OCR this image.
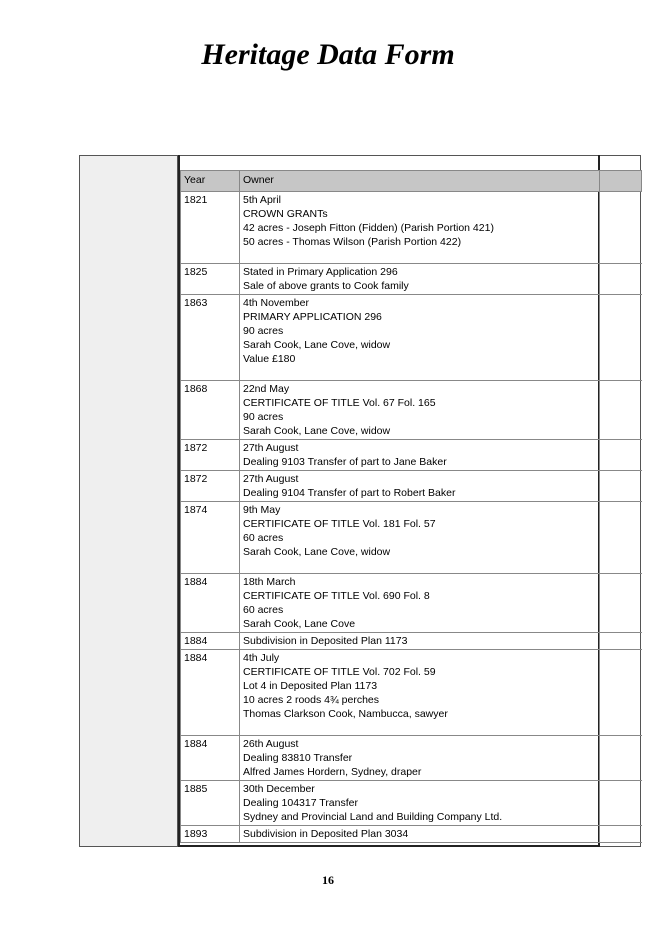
Heritage Data Form
Year	Owner
1821	5th April
CROWN GRANTs
42 acres - Joseph Fitton (Fidden) (Parish Portion 421)
50 acres - Thomas Wilson (Parish Portion 422)

1825	Stated in Primary Application 296
Sale of above grants to Cook family

1863	4th November
PRIMARY APPLICATION 296
90 acres
Sarah Cook, Lane Cove, widow
Value £180

1868	22nd May
CERTIFICATE OF TITLE Vol. 67 Fol. 165
90 acres
Sarah Cook, Lane Cove, widow

1872	27th August
Dealing 9103 Transfer of part to Jane Baker

1872	27th August
Dealing 9104 Transfer of part to Robert Baker

1874	9th May
CERTIFICATE OF TITLE Vol. 181 Fol. 57
60 acres
Sarah Cook, Lane Cove, widow

1884	18th March
CERTIFICATE OF TITLE Vol. 690 Fol. 8
60 acres
Sarah Cook, Lane Cove

1884	Subdivision in Deposited Plan 1173

1884	4th July
CERTIFICATE OF TITLE Vol. 702 Fol. 59
Lot 4 in Deposited Plan 1173
10 acres 2 roods 4¾ perches
Thomas Clarkson Cook, Nambucca, sawyer

1884	26th August
Dealing 83810 Transfer
Alfred James Hordern, Sydney, draper

1885	30th December
Dealing 104317 Transfer
Sydney and Provincial Land and Building Company Ltd.

1893	Subdivision in Deposited Plan 3034
16
